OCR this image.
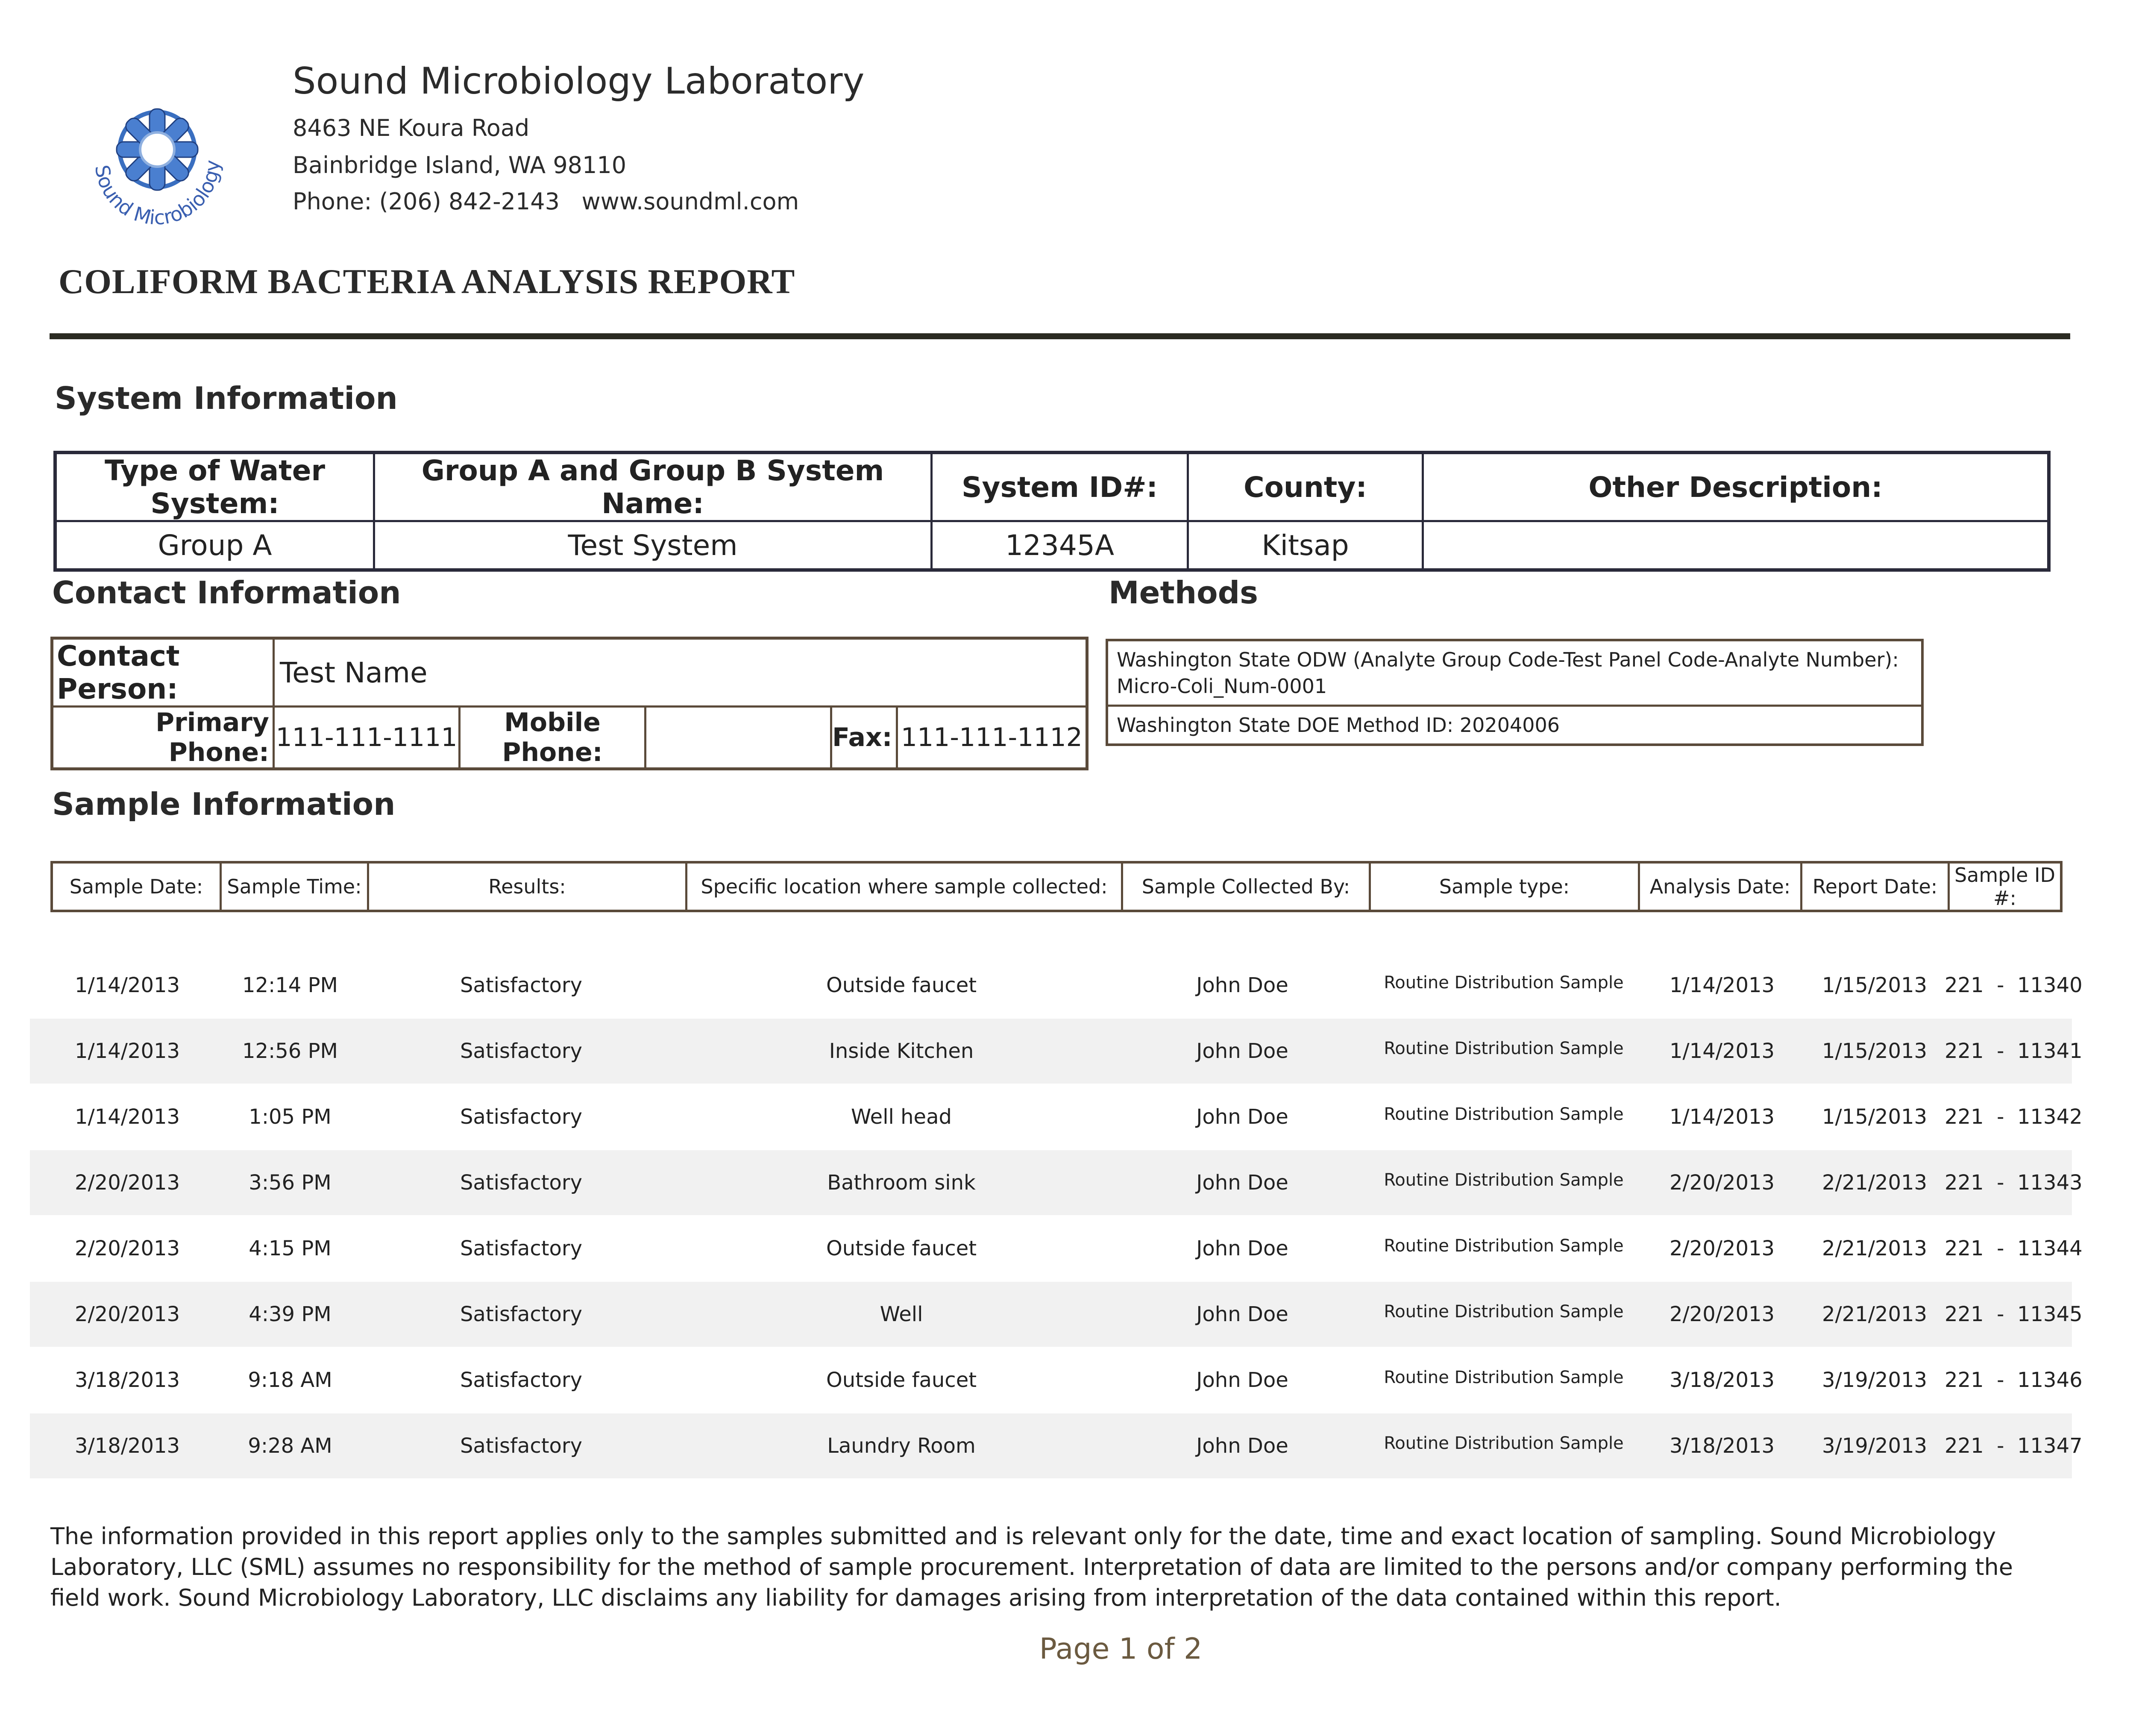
Sound Microbiology
Sound Microbiology Laboratory
8463 NE Koura Road
Bainbridge Island, WA 98110
Phone: (206) 842-2143   www.soundml.com
COLIFORM BACTERIA ANALYSIS REPORT
System Information
Type of Water System:	Group A and Group B System Name:	System ID#:	County:	Other Description:
Group A	Test System	12345A	Kitsap	
Contact Information
Contact Person:	Test Name				
Primary Phone:	111-111-1111	Mobile Phone:		Fax:	111-111-1112
Methods
Washington State ODW (Analyte Group Code-Test Panel Code-Analyte Number):
Micro-Coli_Num-0001

Washington State DOE Method ID: 20204006
Sample Information
Sample Date:	Sample Time:	Results:	Specific location where sample collected:	Sample Collected By:	Sample type:	Analysis Date:	Report Date:	Sample ID #:
1/14/2013	12:14 PM	Satisfactory	Outside faucet	John Doe	Routine Distribution Sample	1/14/2013	1/15/2013 221  -  11340
1/14/2013	12:56 PM	Satisfactory	Inside Kitchen	John Doe	Routine Distribution Sample	1/14/2013	1/15/2013 221  -  11341
1/14/2013	1:05 PM	Satisfactory	Well head	John Doe	Routine Distribution Sample	1/14/2013	1/15/2013 221  -  11342
2/20/2013	3:56 PM	Satisfactory	Bathroom sink	John Doe	Routine Distribution Sample	2/20/2013	2/21/2013 221  -  11343
2/20/2013	4:15 PM	Satisfactory	Outside faucet	John Doe	Routine Distribution Sample	2/20/2013	2/21/2013 221  -  11344
2/20/2013	4:39 PM	Satisfactory	Well	John Doe	Routine Distribution Sample	2/20/2013	2/21/2013 221  -  11345
3/18/2013	9:18 AM	Satisfactory	Outside faucet	John Doe	Routine Distribution Sample	3/18/2013	3/19/2013 221  -  11346
3/18/2013	9:28 AM	Satisfactory	Laundry Room	John Doe	Routine Distribution Sample	3/18/2013	3/19/2013 221  -  11347
The information provided in this report applies only to the samples submitted and is relevant only for the date, time and exact location of sampling. Sound Microbiology Laboratory, LLC (SML) assumes no responsibility for the method of sample procurement. Interpretation of data are limited to the persons and/or company performing the field work. Sound Microbiology Laboratory, LLC disclaims any liability for damages arising from interpretation of the data contained within this report.
Page 1 of 2
